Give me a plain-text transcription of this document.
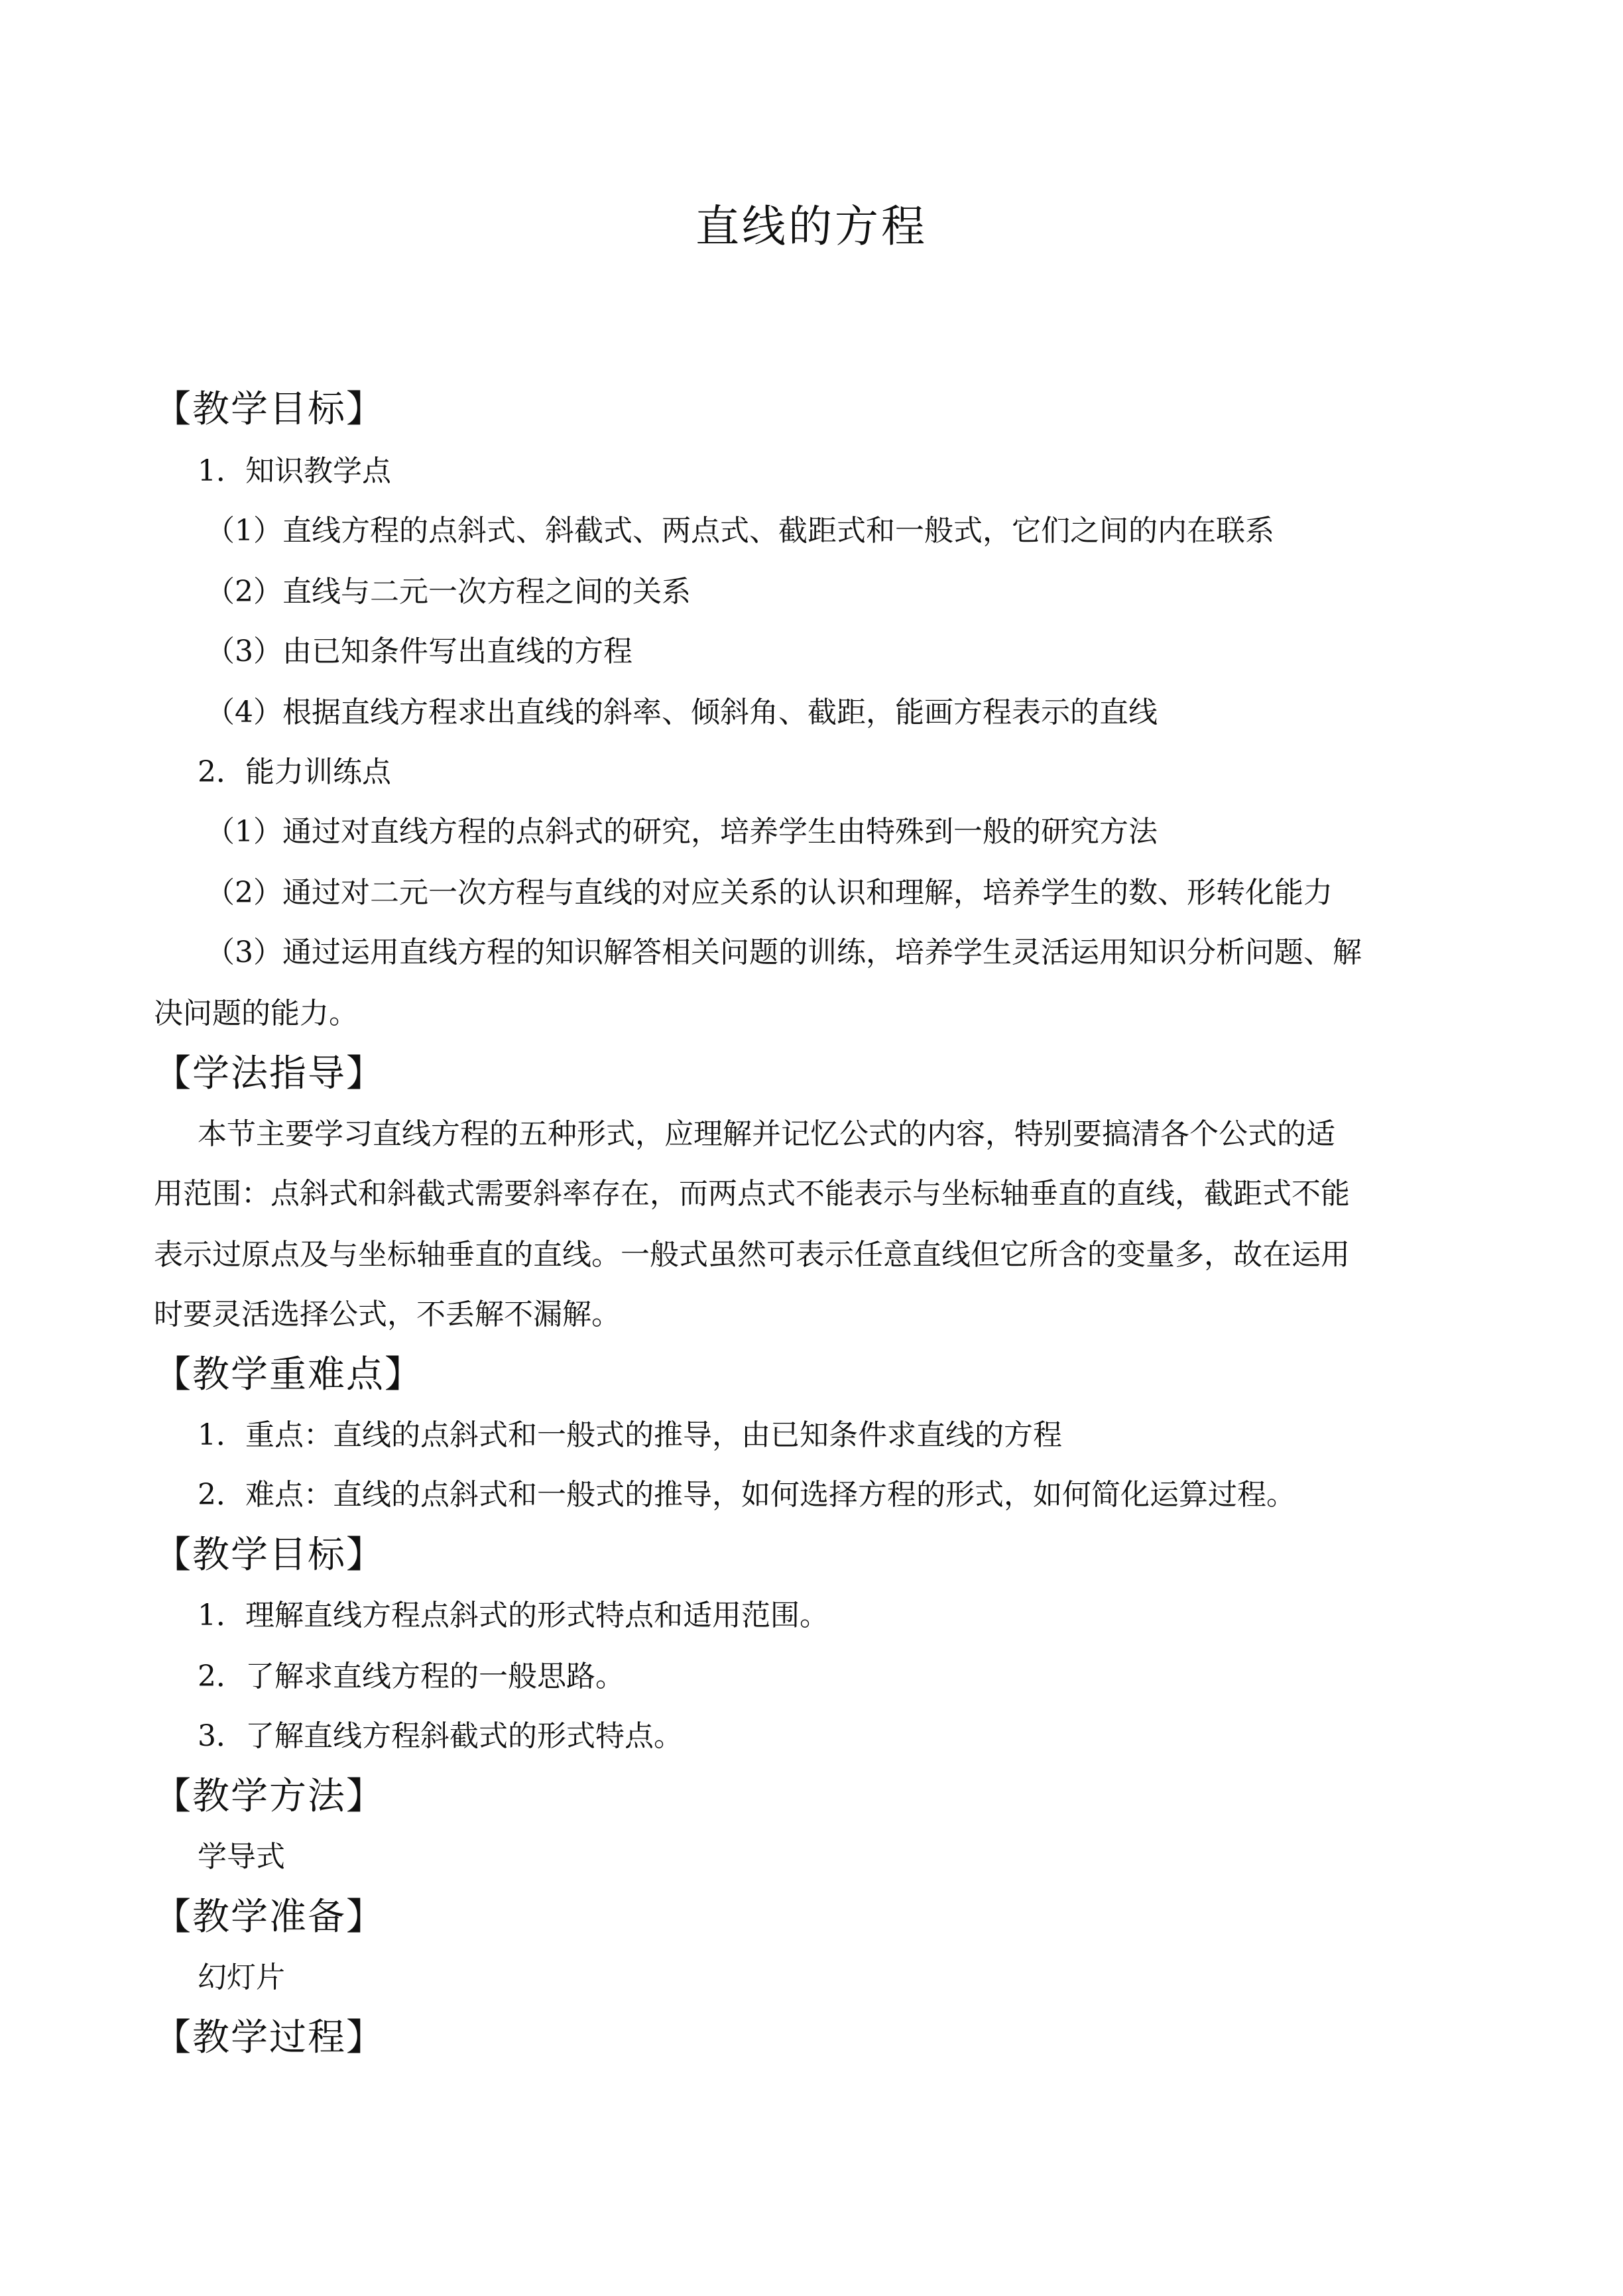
直线的方程
【教学目标】
1．知识教学点
（1）直线方程的点斜式、斜截式、两点式、截距式和一般式，它们之间的内在联系
（2）直线与二元一次方程之间的关系
（3）由已知条件写出直线的方程
（4）根据直线方程求出直线的斜率、倾斜角、截距，能画方程表示的直线
2．能力训练点
（1）通过对直线方程的点斜式的研究，培养学生由特殊到一般的研究方法
（2）通过对二元一次方程与直线的对应关系的认识和理解，培养学生的数、形转化能力
（3）通过运用直线方程的知识解答相关问题的训练，培养学生灵活运用知识分析问题、解
决问题的能力。
【学法指导】
本节主要学习直线方程的五种形式，应理解并记忆公式的内容，特别要搞清各个公式的适
用范围：点斜式和斜截式需要斜率存在，而两点式不能表示与坐标轴垂直的直线，截距式不能
表示过原点及与坐标轴垂直的直线。一般式虽然可表示任意直线但它所含的变量多，故在运用
时要灵活选择公式，不丢解不漏解。
【教学重难点】
1．重点：直线的点斜式和一般式的推导，由已知条件求直线的方程
2．难点：直线的点斜式和一般式的推导，如何选择方程的形式，如何简化运算过程。
【教学目标】
1．理解直线方程点斜式的形式特点和适用范围。
2．了解求直线方程的一般思路。
3．了解直线方程斜截式的形式特点。
【教学方法】
学导式
【教学准备】
幻灯片
【教学过程】
